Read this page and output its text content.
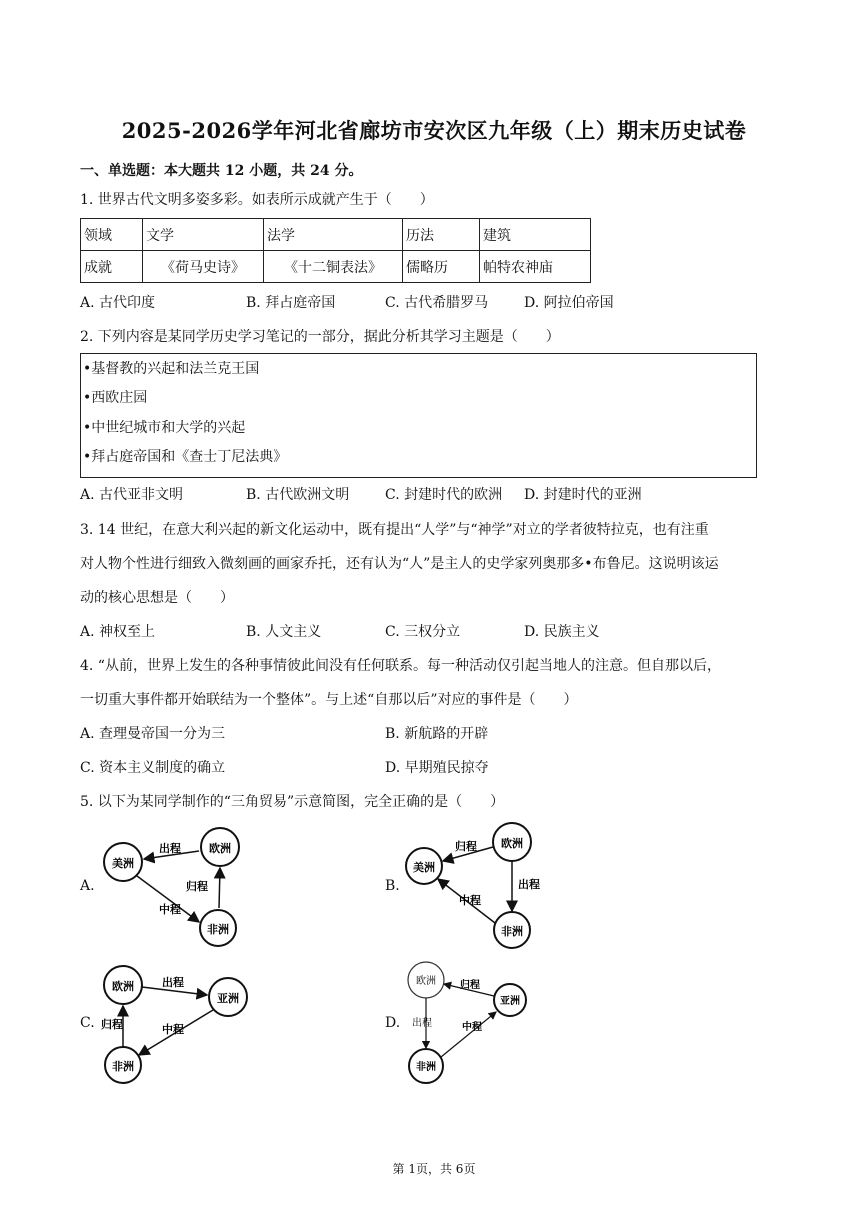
2025-2026学年河北省廊坊市安次区九年级（上）期末历史试卷
一、单选题：本大题共 12 小题，共 24 分。
1. 世界古代文明多姿多彩。如表所示成就产生于（　　）
领域	文学	法学	历法	建筑
成就	《荷马史诗》	《十二铜表法》	儒略历	帕特农神庙
A. 古代印度	B. 拜占庭帝国	C. 古代希腊罗马	D. 阿拉伯帝国
2. 下列内容是某同学历史学习笔记的一部分，据此分析其学习主题是（　　）
•基督教的兴起和法兰克王国
•西欧庄园
•中世纪城市和大学的兴起
•拜占庭帝国和《查士丁尼法典》
A. 古代亚非文明	B. 古代欧洲文明	C. 封建时代的欧洲 D. 封建时代的亚洲
3. 14 世纪，在意大利兴起的新文化运动中，既有提出“人学”与“神学”对立的学者彼特拉克，也有注重
对人物个性进行细致入微刻画的画家乔托，还有认为“人”是主人的史学家列奥那多•布鲁尼。这说明该运
动的核心思想是（　　）
A. 神权至上	B. 人文主义	C. 三权分立	D. 民族主义
4. “从前，世界上发生的各种事情彼此间没有任何联系。每一种活动仅引起当地人的注意。但自那以后，
一切重大事件都开始联结为一个整体”。与上述“自那以后”对应的事件是（　　）
A. 查理曼帝国一分为三	B. 新航路的开辟
C. 资本主义制度的确立	D. 早期殖民掠夺
5. 以下为某同学制作的“三角贸易”示意简图，完全正确的是（　　）
A.
美洲
欧洲
非洲
出程
中程
归程	B.
美洲
欧洲
非洲
归程
出程
中程
C.
欧洲
亚洲
非洲
出程
归程	中程	D.
欧洲
亚洲
非洲
归程
出程	中程
第 1页，共 6页
